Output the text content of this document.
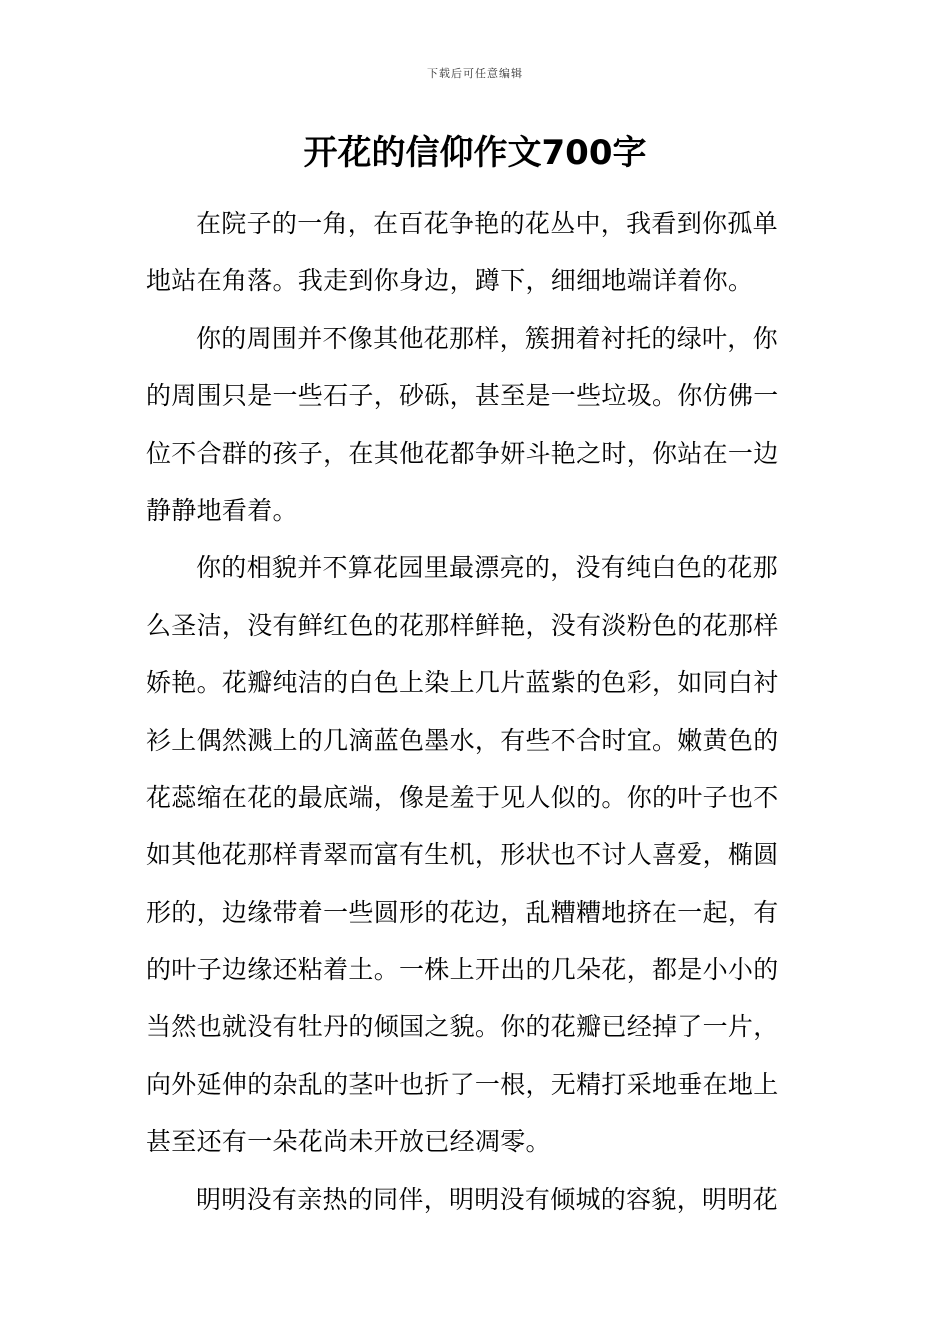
下载后可任意编辑
开花的信仰作文700字
在院子的一角，在百花争艳的花丛中，我看到你孤单
地站在角落。我走到你身边，蹲下，细细地端详着你。
你的周围并不像其他花那样，簇拥着衬托的绿叶，你
的周围只是一些石子，砂砾，甚至是一些垃圾。你仿佛一
位不合群的孩子，在其他花都争妍斗艳之时，你站在一边
静静地看着。
你的相貌并不算花园里最漂亮的，没有纯白色的花那
么圣洁，没有鲜红色的花那样鲜艳，没有淡粉色的花那样
娇艳。花瓣纯洁的白色上染上几片蓝紫的色彩，如同白衬
衫上偶然溅上的几滴蓝色墨水，有些不合时宜。嫩黄色的
花蕊缩在花的最底端，像是羞于见人似的。你的叶子也不
如其他花那样青翠而富有生机，形状也不讨人喜爱，椭圆
形的，边缘带着一些圆形的花边，乱糟糟地挤在一起，有
的叶子边缘还粘着土。一株上开出的几朵花，都是小小的
当然也就没有牡丹的倾国之貌。你的花瓣已经掉了一片，
向外延伸的杂乱的茎叶也折了一根，无精打采地垂在地上
甚至还有一朵花尚未开放已经凋零。
明明没有亲热的同伴，明明没有倾城的容貌，明明花
